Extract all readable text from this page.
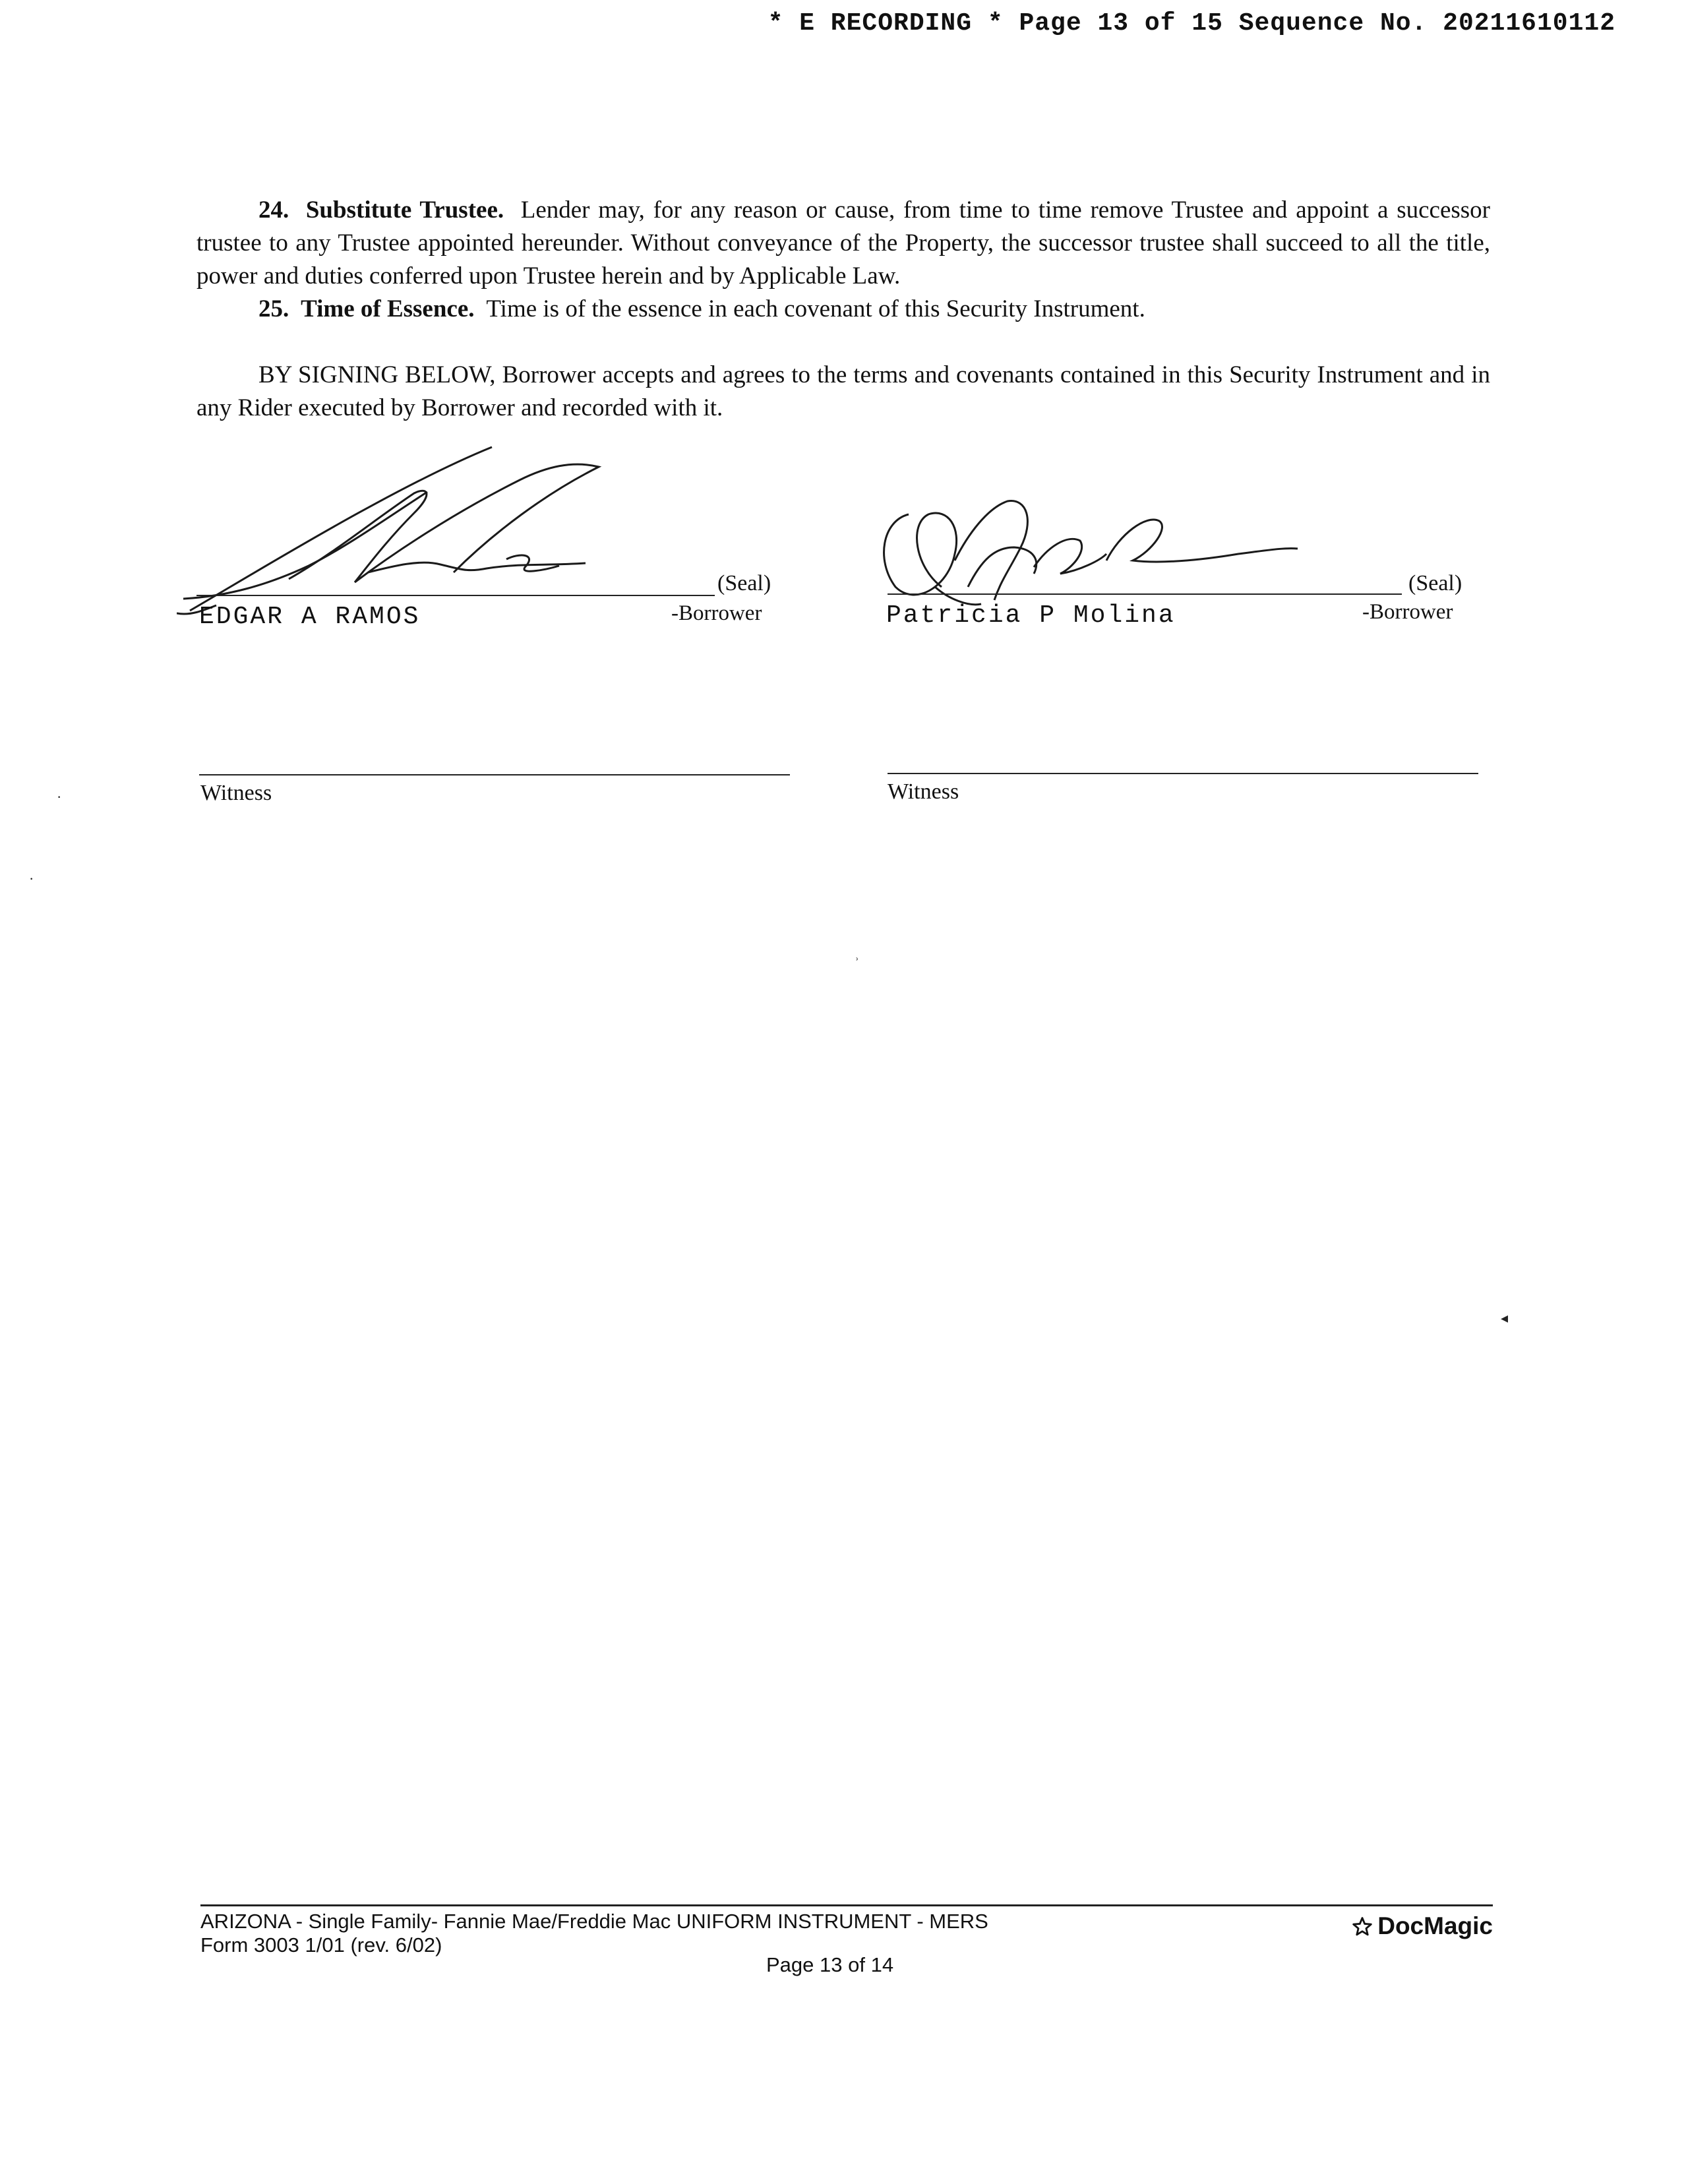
* E RECORDING * Page 13 of 15 Sequence No. 20211610112

24. Substitute Trustee. Lender may, for any reason or cause, from time to time remove Trustee and appoint a successor trustee to any Trustee appointed hereunder. Without conveyance of the Property, the successor trustee shall succeed to all the title, power and duties conferred upon Trustee herein and by Applicable Law.

25. Time of Essence. Time is of the essence in each covenant of this Security Instrument.

BY SIGNING BELOW, Borrower accepts and agrees to the terms and covenants contained in this Security Instrument and in any Rider executed by Borrower and recorded with it.

(Seal)
EDGAR A RAMOS	-Borrower
(Seal)
Patricia P Molina	-Borrower
Witness	Witness
·
·
ʾ
◂
ARIZONA - Single Family- Fannie Mae/Freddie Mac UNIFORM INSTRUMENT - MERS
Form 3003 1/01 (rev. 6/02)
Page 13 of 14
DocMagic
